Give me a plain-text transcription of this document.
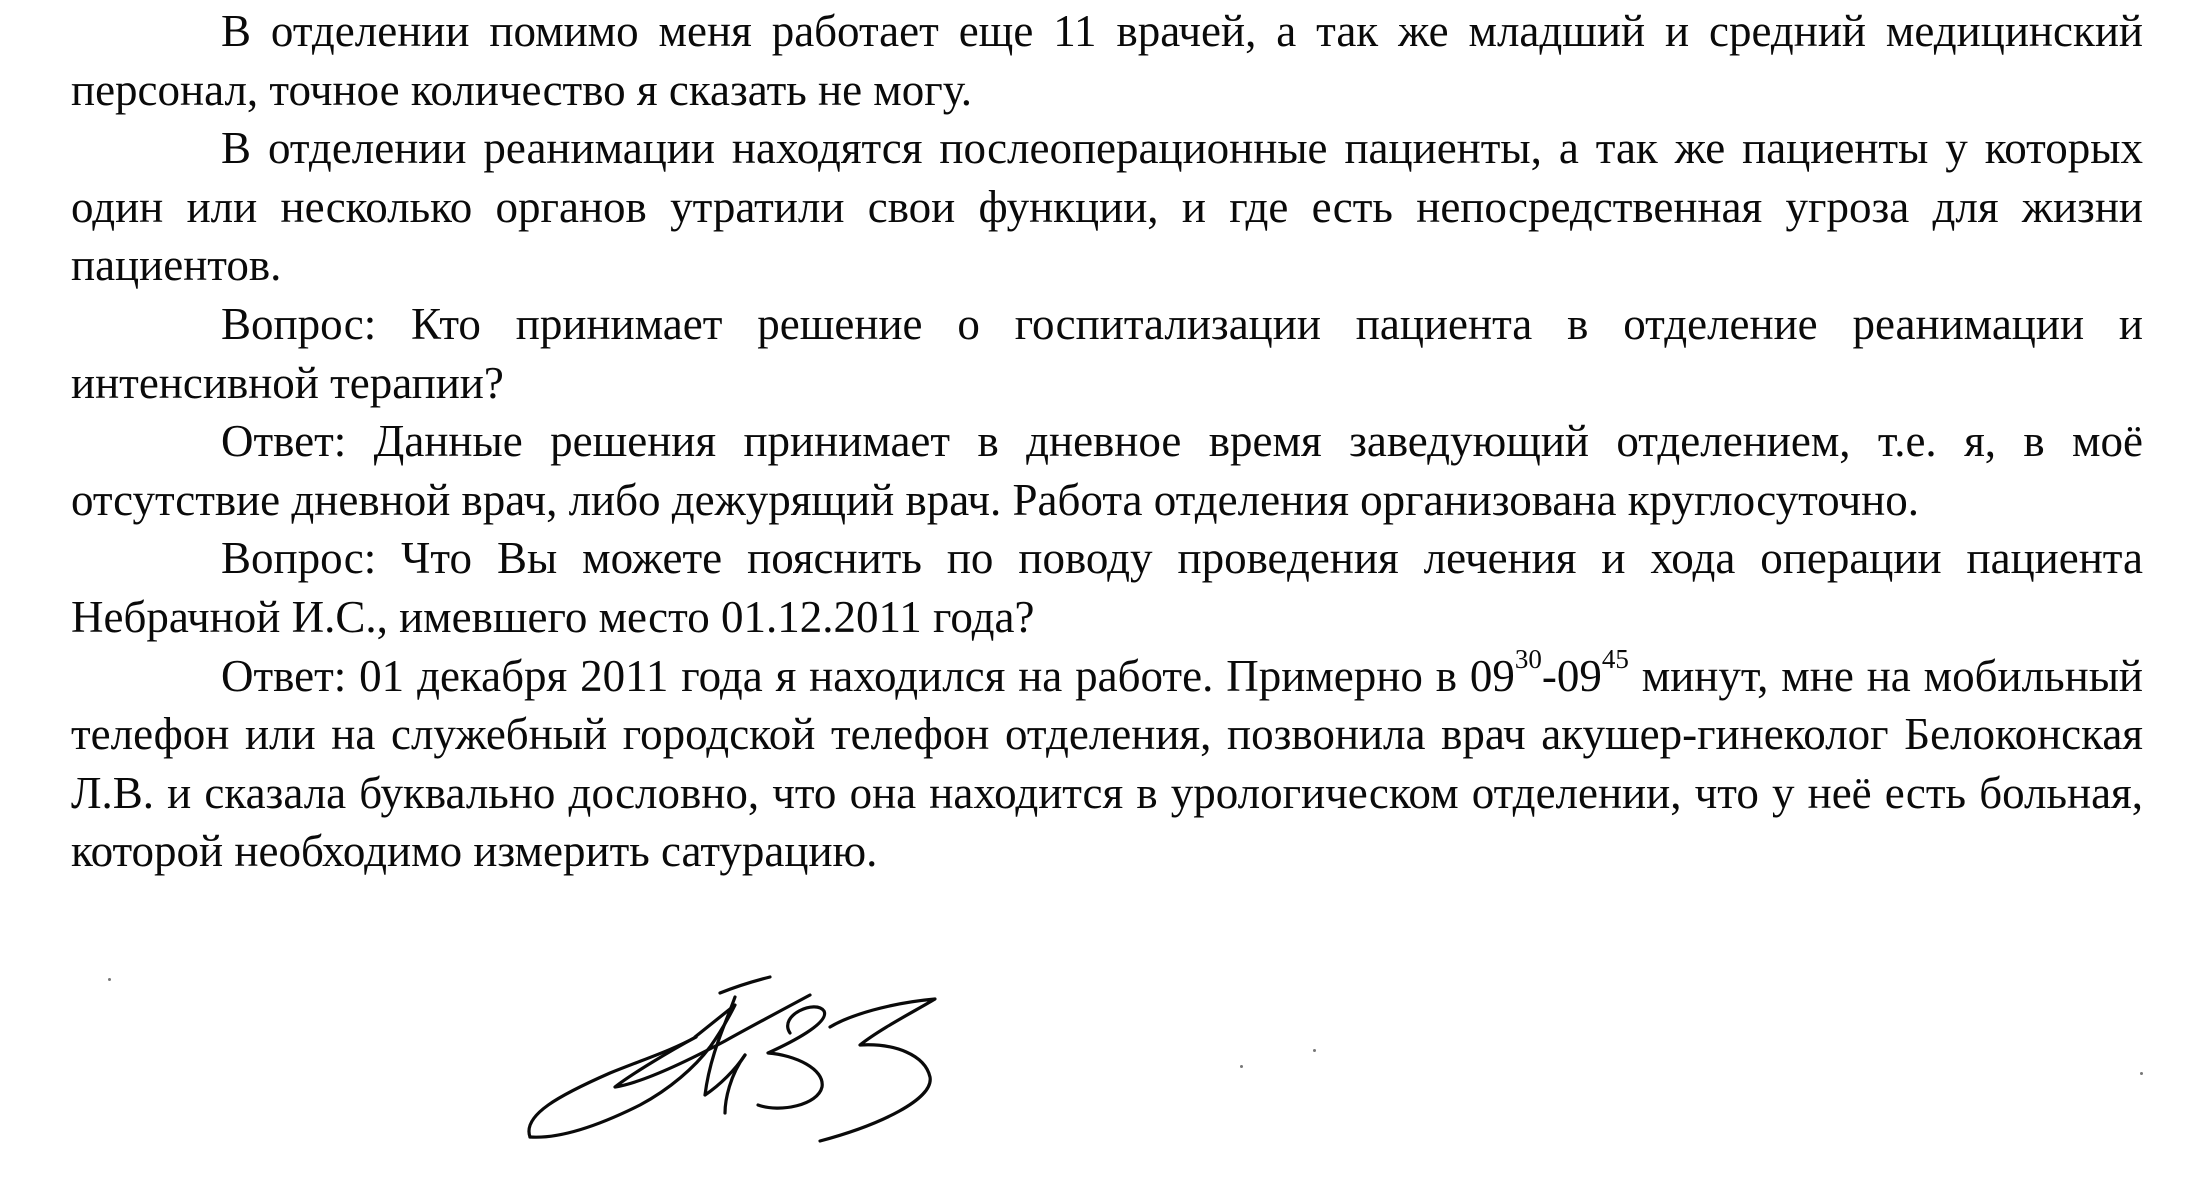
В отделении помимо меня работает еще 11 врачей, а так же младший и средний медицинский персонал, точное количество я сказать не могу.

В отделении реанимации находятся послеоперационные пациенты, а так же пациенты у которых один или несколько органов утратили свои функции, и где есть непосредственная угроза для жизни пациентов.

Вопрос: Кто принимает решение о госпитализации пациента в отделение реанимации и интенсивной терапии?

Ответ: Данные решения принимает в дневное время заведующий отделением, т.е. я, в моё отсутствие дневной врач, либо дежурящий врач. Работа отделения организована круглосуточно.

Вопрос: Что Вы можете пояснить по поводу проведения лечения и хода операции пациента Небрачной И.С., имевшего место 01.12.2011 года?

Ответ: 01 декабря 2011 года я находился на работе. Примерно в $09^{30}-09^{45}$ минут, мне на мобильный телефон или на служебный городской телефон отделения, позвонила врач акушер-гинеколог Белоконская Л.В. и сказала буквально дословно, что она находится в урологическом отделении, что у неё есть больная, которой необходимо измерить сатурацию.
